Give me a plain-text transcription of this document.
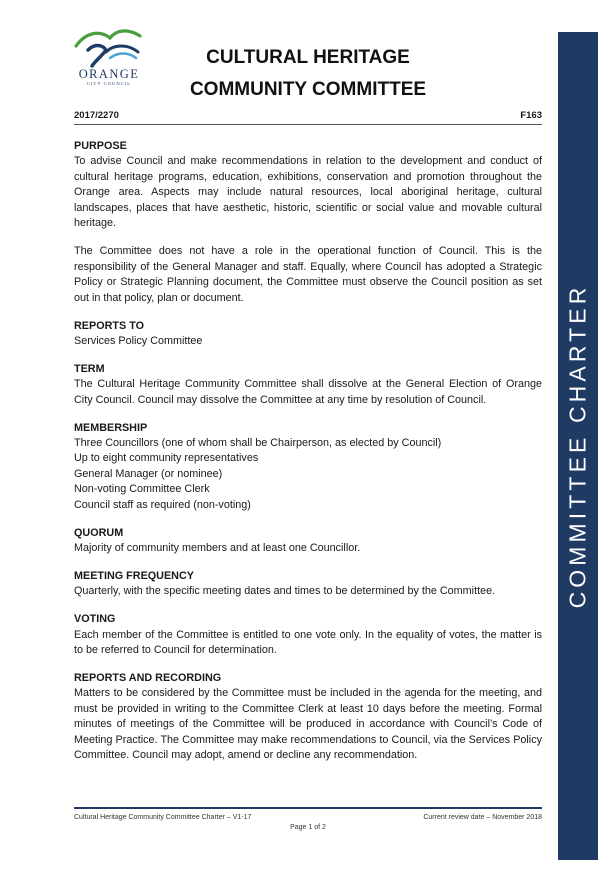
ORANGE
CITY COUNCIL
CULTURAL HERITAGE
COMMUNITY COMMITTEE
2017/2270	F163
PURPOSE
To advise Council and make recommendations in relation to the development and conduct of cultural heritage programs, education, exhibitions, conservation and promotion throughout the Orange area. Aspects may include natural resources, local aboriginal heritage, cultural landscapes, places that have aesthetic, historic, scientific or social value and movable cultural heritage.
The Committee does not have a role in the operational function of Council. This is the responsibility of the General Manager and staff. Equally, where Council has adopted a Strategic Policy or Strategic Planning document, the Committee must observe the Council position as set out in that policy, plan or document.
REPORTS TO
Services Policy Committee
TERM
The Cultural Heritage Community Committee shall dissolve at the General Election of Orange City Council. Council may dissolve the Committee at any time by resolution of Council.
MEMBERSHIP
Three Councillors (one of whom shall be Chairperson, as elected by Council)
Up to eight community representatives
General Manager (or nominee)
Non-voting Committee Clerk
Council staff as required (non-voting)
QUORUM
Majority of community members and at least one Councillor.
MEETING FREQUENCY
Quarterly, with the specific meeting dates and times to be determined by the Committee.
VOTING
Each member of the Committee is entitled to one vote only. In the equality of votes, the matter is to be referred to Council for determination.
REPORTS AND RECORDING
Matters to be considered by the Committee must be included in the agenda for the meeting, and must be provided in writing to the Committee Clerk at least 10 days before the meeting. Formal minutes of meetings of the Committee will be produced in accordance with Council’s Code of Meeting Practice. The Committee may make recommendations to Council, via the Services Policy Committee. Council may adopt, amend or decline any recommendation.
COMMITTEE CHARTER
Cultural Heritage Community Committee Charter – V1-17	Current review date – November 2018
Page 1 of 2
